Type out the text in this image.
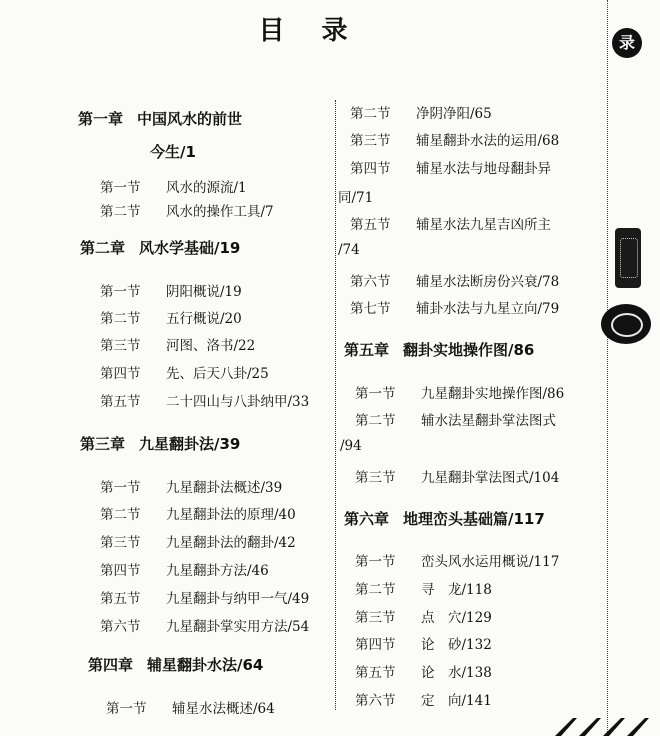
目 录	录
第一章 中国风水的前世
今生/1
第一节 风水的源流/1
第二节 风水的操作工具/7
第二章 风水学基础/19
第一节 阴阳概说/19
第二节 五行概说/20
第三节 河图、洛书/22
第四节 先、后天八卦/25
第五节 二十四山与八卦纳甲/33
第三章 九星翻卦法/39
第一节 九星翻卦法概述/39
第二节 九星翻卦法的原理/40
第三节 九星翻卦法的翻卦/42
第四节 九星翻卦方法/46
第五节 九星翻卦与纳甲一气/49
第六节 九星翻卦掌实用方法/54
第四章 辅星翻卦水法/64
第一节 辅星水法概述/64
第二节 净阴净阳/65
第三节 辅星翻卦水法的运用/68
第四节 辅星水法与地母翻卦异
同/71
第五节 辅星水法九星吉凶所主
/74
第六节 辅星水法断房份兴衰/78
第七节 辅卦水法与九星立向/79
第五章 翻卦实地操作图/86
第一节 九星翻卦实地操作图/86
第二节 辅水法星翻卦掌法图式
/94
第三节 九星翻卦掌法图式/104
第六章 地理峦头基础篇/117
第一节 峦头风水运用概说/117
第二节 寻　龙/118
第三节 点　穴/129
第四节 论　砂/132
第五节 论　水/138
第六节 定　向/141
